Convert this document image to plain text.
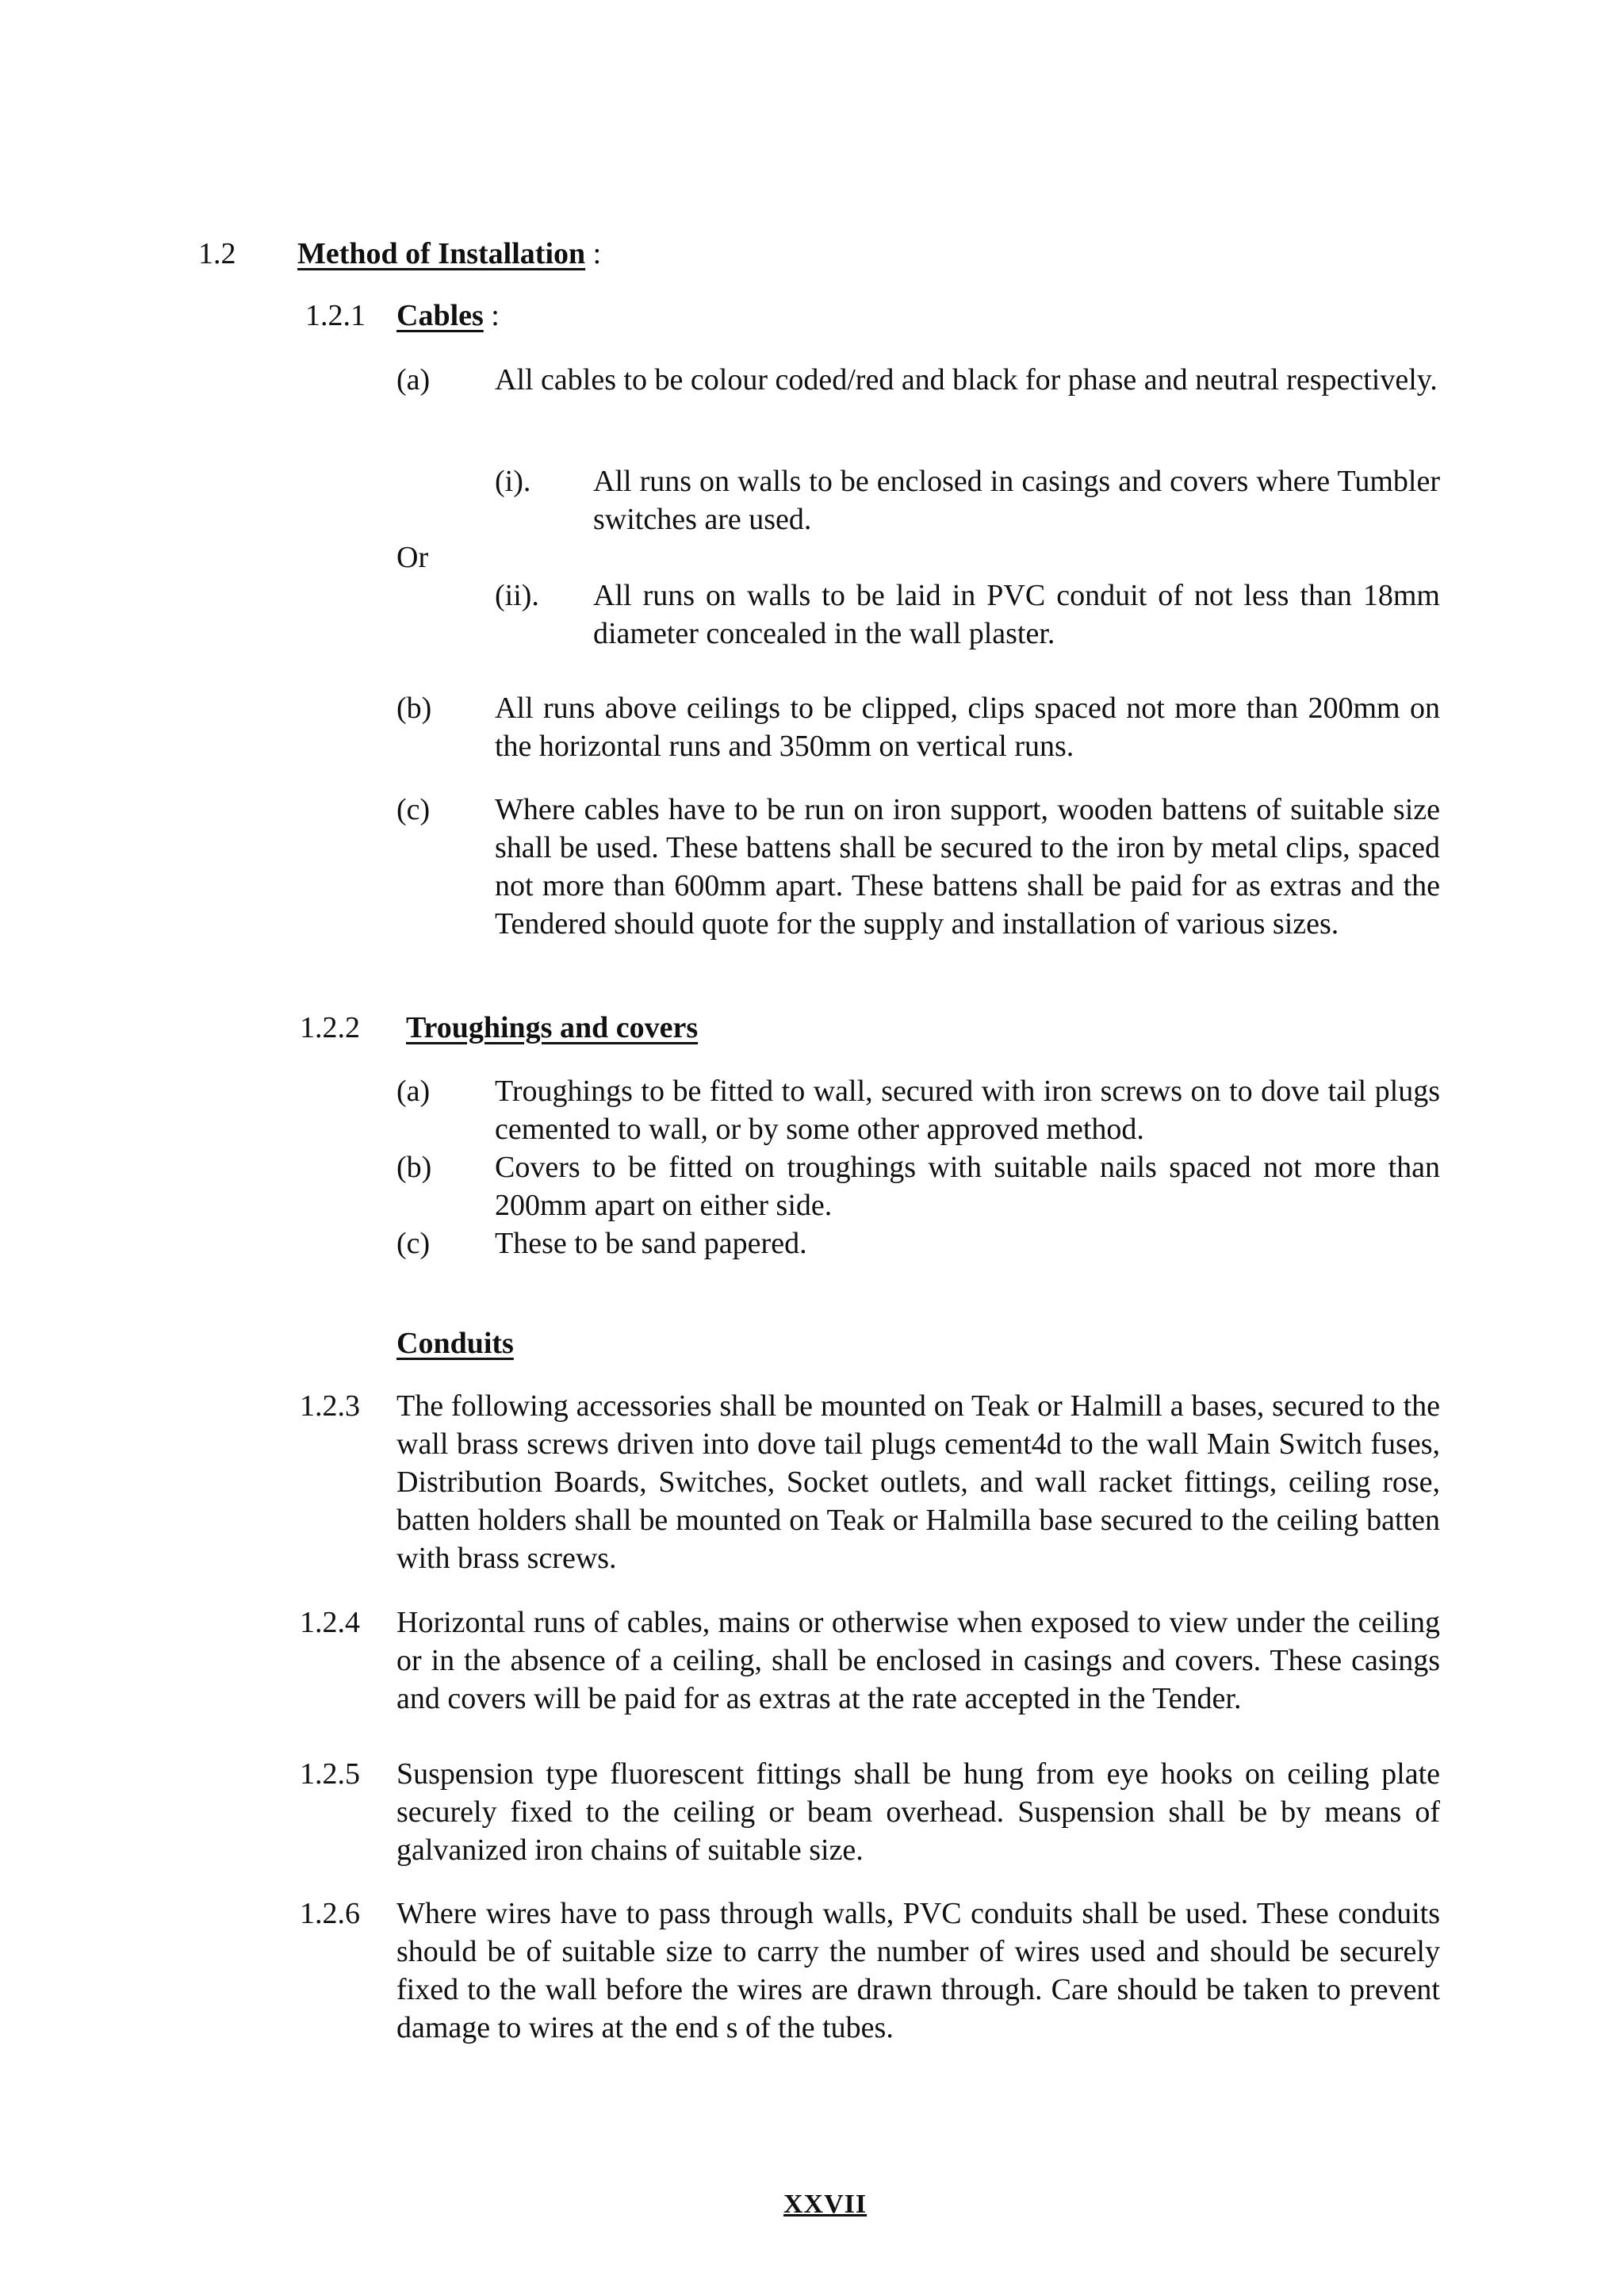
1.2 Method of Installation :
1.2.1 Cables :
(a) All cables to be colour coded/red and black for phase and neutral respectively.
(i). All runs on walls to be enclosed in casings and covers where Tumbler switches are used.
Or
(ii). All runs on walls to be laid in PVC conduit of not less than 18mm diameter concealed in the wall plaster.
(b) All runs above ceilings to be clipped, clips spaced not more than 200mm on the horizontal runs and 350mm on vertical runs.
(c) Where cables have to be run on iron support, wooden battens of suitable size shall be used. These battens shall be secured to the iron by metal clips, spaced not more than 600mm apart. These battens shall be paid for as extras and the Tendered should quote for the supply and installation of various sizes.
1.2.2 Troughings and covers
(a) Troughings to be fitted to wall, secured with iron screws on to dove tail plugs cemented to wall, or by some other approved method.
(b) Covers to be fitted on troughings with suitable nails spaced not more than 200mm apart on either side.
(c) These to be sand papered.
Conduits
1.2.3 The following accessories shall be mounted on Teak or Halmill a bases, secured to the wall brass screws driven into dove tail plugs cement4d to the wall Main Switch fuses, Distribution Boards, Switches, Socket outlets, and wall racket fittings, ceiling rose, batten holders shall be mounted on Teak or Halmilla base secured to the ceiling batten with brass screws.
1.2.4 Horizontal runs of cables, mains or otherwise when exposed to view under the ceiling or in the absence of a ceiling, shall be enclosed in casings and covers. These casings and covers will be paid for as extras at the rate accepted in the Tender.
1.2.5 Suspension type fluorescent fittings shall be hung from eye hooks on ceiling plate securely fixed to the ceiling or beam overhead. Suspension shall be by means of galvanized iron chains of suitable size.
1.2.6 Where wires have to pass through walls, PVC conduits shall be used. These conduits should be of suitable size to carry the number of wires used and should be securely fixed to the wall before the wires are drawn through. Care should be taken to prevent damage to wires at the end s of the tubes.
XXVII
